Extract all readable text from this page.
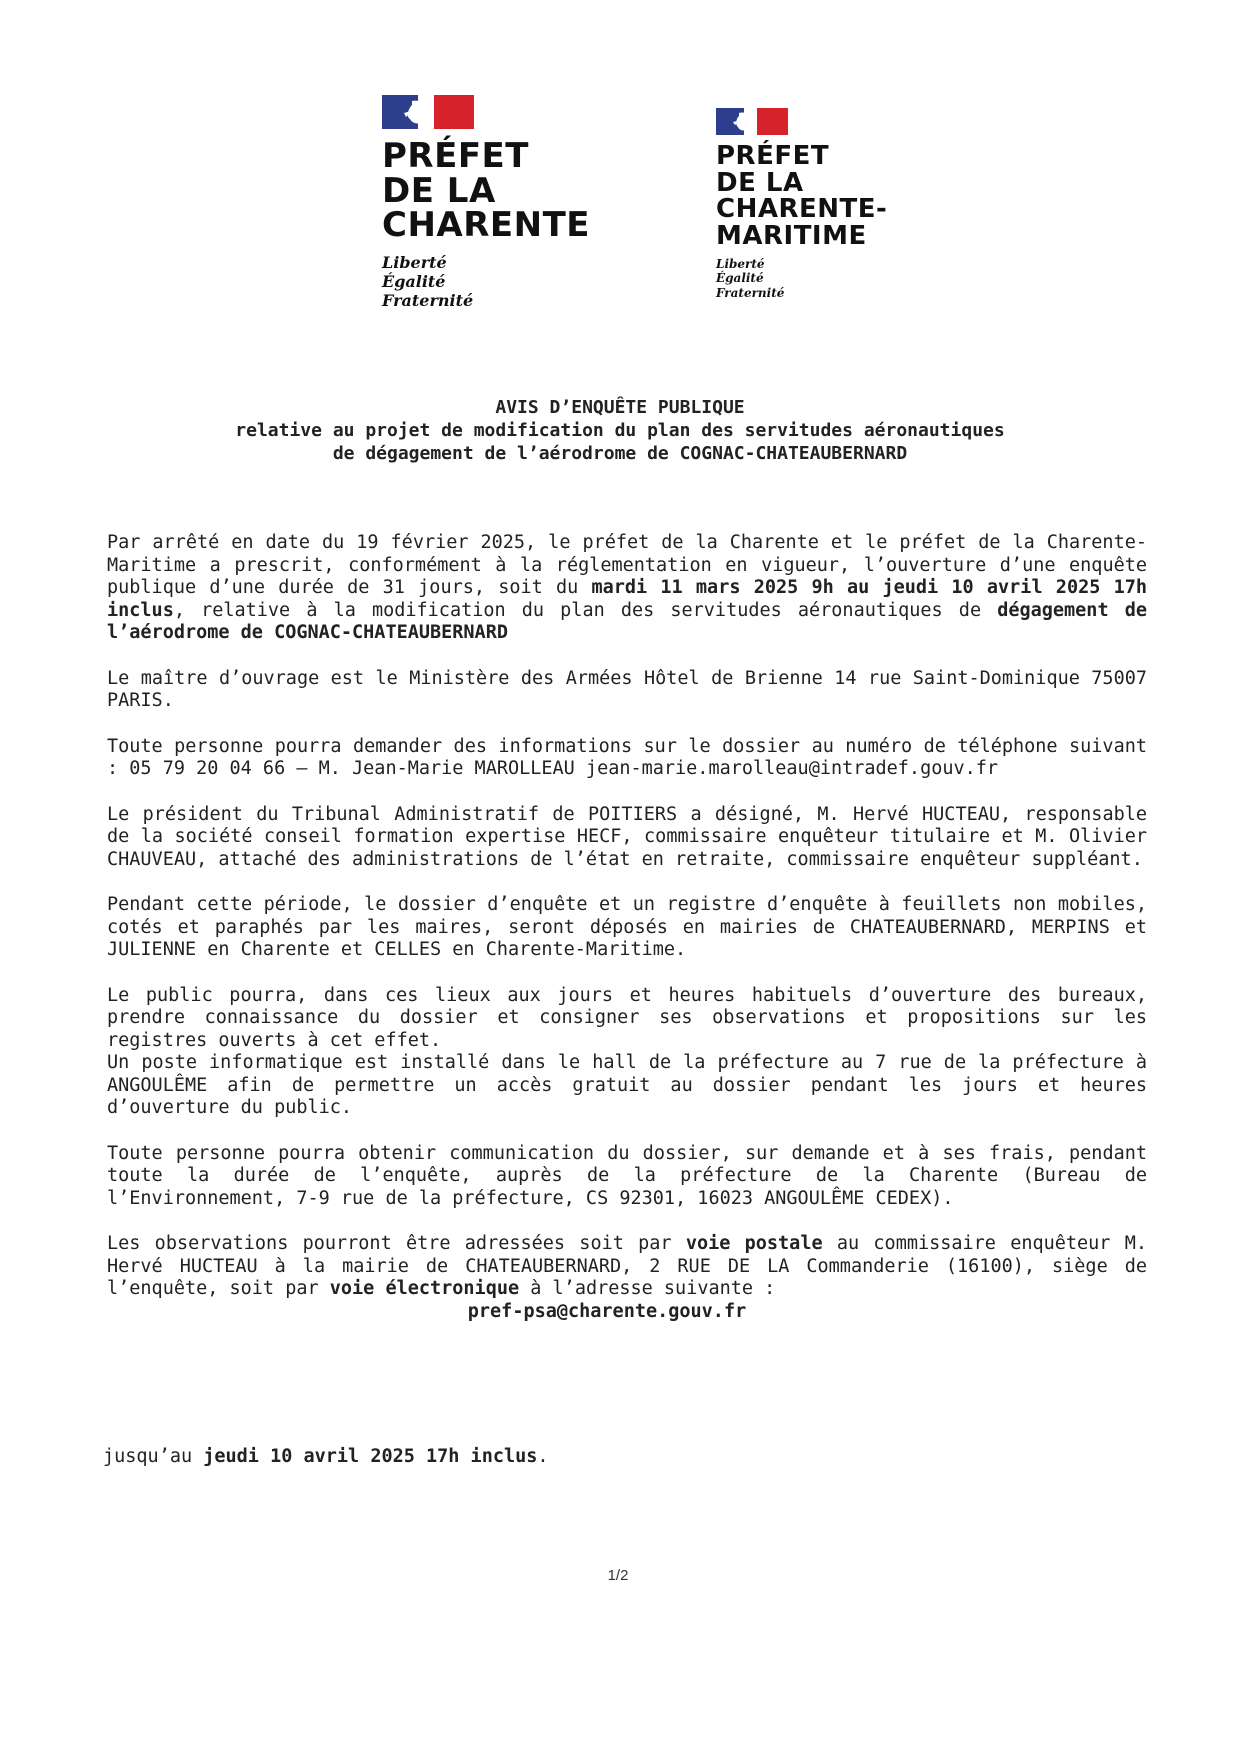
PRÉFET
DE LA
CHARENTE
Liberté
Égalité
Fraternité
PRÉFET
DE LA
CHARENTE-
MARITIME
Liberté
Égalité
Fraternité
AVIS D’ENQUÊTE PUBLIQUE
relative au projet de modification du plan des servitudes aéronautiques
de dégagement de l’aérodrome de COGNAC-CHATEAUBERNARD

Par arrêté en date du 19 février 2025, le préfet de la Charente et le préfet de la Charente-Maritime a prescrit, conformément à la réglementation en vigueur, l’ouverture d’une enquête publique d’une durée de 31 jours, soit du mardi 11 mars 2025 9h au jeudi 10 avril 2025 17h inclus, relative à la modification du plan des servitudes aéronautiques de dégagement de l’aérodrome de COGNAC-CHATEAUBERNARD

Le maître d’ouvrage est le Ministère des Armées Hôtel de Brienne 14 rue Saint-Dominique 75007 PARIS.

Toute personne pourra demander des informations sur le dossier au numéro de téléphone suivant : 05 79 20 04 66 – M. Jean-Marie MAROLLEAU jean-marie.marolleau@intradef.gouv.fr

Le président du Tribunal Administratif de POITIERS a désigné, M. Hervé HUCTEAU, responsable de la société conseil formation expertise HECF, commissaire enquêteur titulaire et M. Olivier CHAUVEAU, attaché des administrations de l’état en retraite, commissaire enquêteur suppléant.

Pendant cette période, le dossier d’enquête et un registre d’enquête à feuillets non mobiles, cotés et paraphés par les maires, seront déposés en mairies de CHATEAUBERNARD, MERPINS et JULIENNE en Charente et CELLES en Charente-Maritime.

Le public pourra, dans ces lieux aux jours et heures habituels d’ouverture des bureaux, prendre connaissance du dossier et consigner ses observations et propositions sur les registres ouverts à cet effet.

Un poste informatique est installé dans le hall de la préfecture au 7 rue de la préfecture à ANGOULÊME afin de permettre un accès gratuit au dossier pendant les jours et heures d’ouverture du public.

Toute personne pourra obtenir communication du dossier, sur demande et à ses frais, pendant toute la durée de l’enquête, auprès de la préfecture de la Charente (Bureau de l’Environnement, 7-9 rue de la préfecture, CS 92301, 16023 ANGOULÊME CEDEX).

Les observations pourront être adressées soit par voie postale au commissaire enquêteur M. Hervé HUCTEAU à la mairie de CHATEAUBERNARD, 2 RUE DE LA Commanderie (16100), siège de l’enquête, soit par voie électronique à l’adresse suivante :

pref-psa@charente.gouv.fr
jusqu’au jeudi 10 avril 2025 17h inclus.
1/2
